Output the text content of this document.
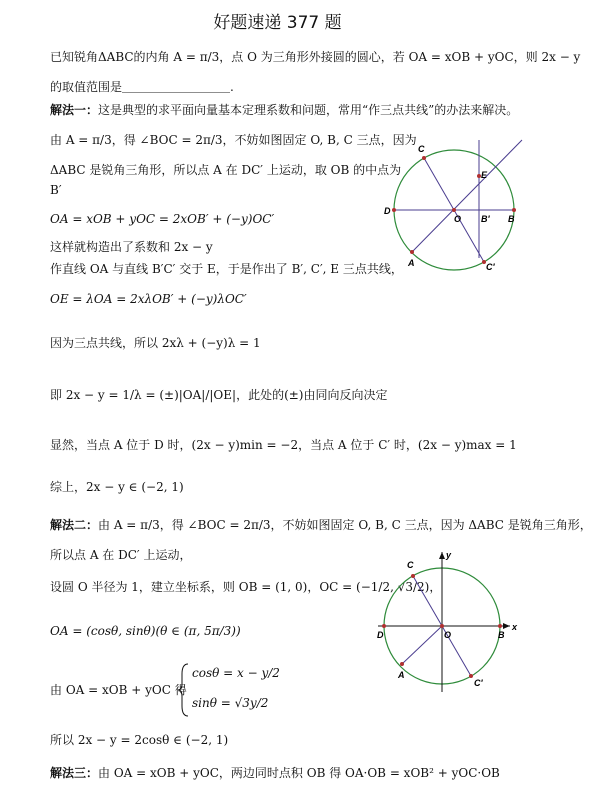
好题速递 377 题
已知锐角ΔABC的内角 A = π/3，点 O 为三角形外接圆的圆心，若 OA = xOB + yOC，则 2x − y
的取值范围是＿＿＿＿＿＿＿＿＿.
解法一：这是典型的求平面向量基本定理系数和问题，常用“作三点共线”的办法来解决。
由 A = π/3，得 ∠BOC = 2π/3，不妨如图固定 O, B, C 三点，因为
ΔABC 是锐角三角形，所以点 A 在 DC′ 上运动，取 OB 的中点为
B′
OA = xOB + yOC = 2xOB′ + (−y)OC′
这样就构造出了系数和 2x − y
作直线 OA 与直线 B′C′ 交于 E，于是作出了 B′, C′, E 三点共线，
OE = λOA = 2xλOB′ + (−y)λOC′
因为三点共线，所以 2xλ + (−y)λ = 1
即 2x − y = 1/λ = (±)|OA|/|OE|，此处的(±)由同向反向决定
显然，当点 A 位于 D 时，(2x − y)min = −2，当点 A 位于 C′ 时，(2x − y)max = 1
综上，2x − y ∈ (−2, 1)
解法二：由 A = π/3，得 ∠BOC = 2π/3，不妨如图固定 O, B, C 三点，因为 ΔABC 是锐角三角形，
所以点 A 在 DC′ 上运动，
设圆 O 半径为 1，建立坐标系，则 OB = (1, 0)，OC = (−1/2, √3/2)，
OA = (cosθ, sinθ)(θ ∈ (π, 5π/3))
由 OA = xOB + yOC 得
cosθ = x − y/2
sinθ = √3y/2
所以 2x − y = 2cosθ ∈ (−2, 1)
解法三：由 OA = xOB + yOC，两边同时点积 OB 得 OA·OB = xOB² + yOC·OB
C
E
D
O B′ B
A	C′
C
y
D	O	B
x
A
C′
